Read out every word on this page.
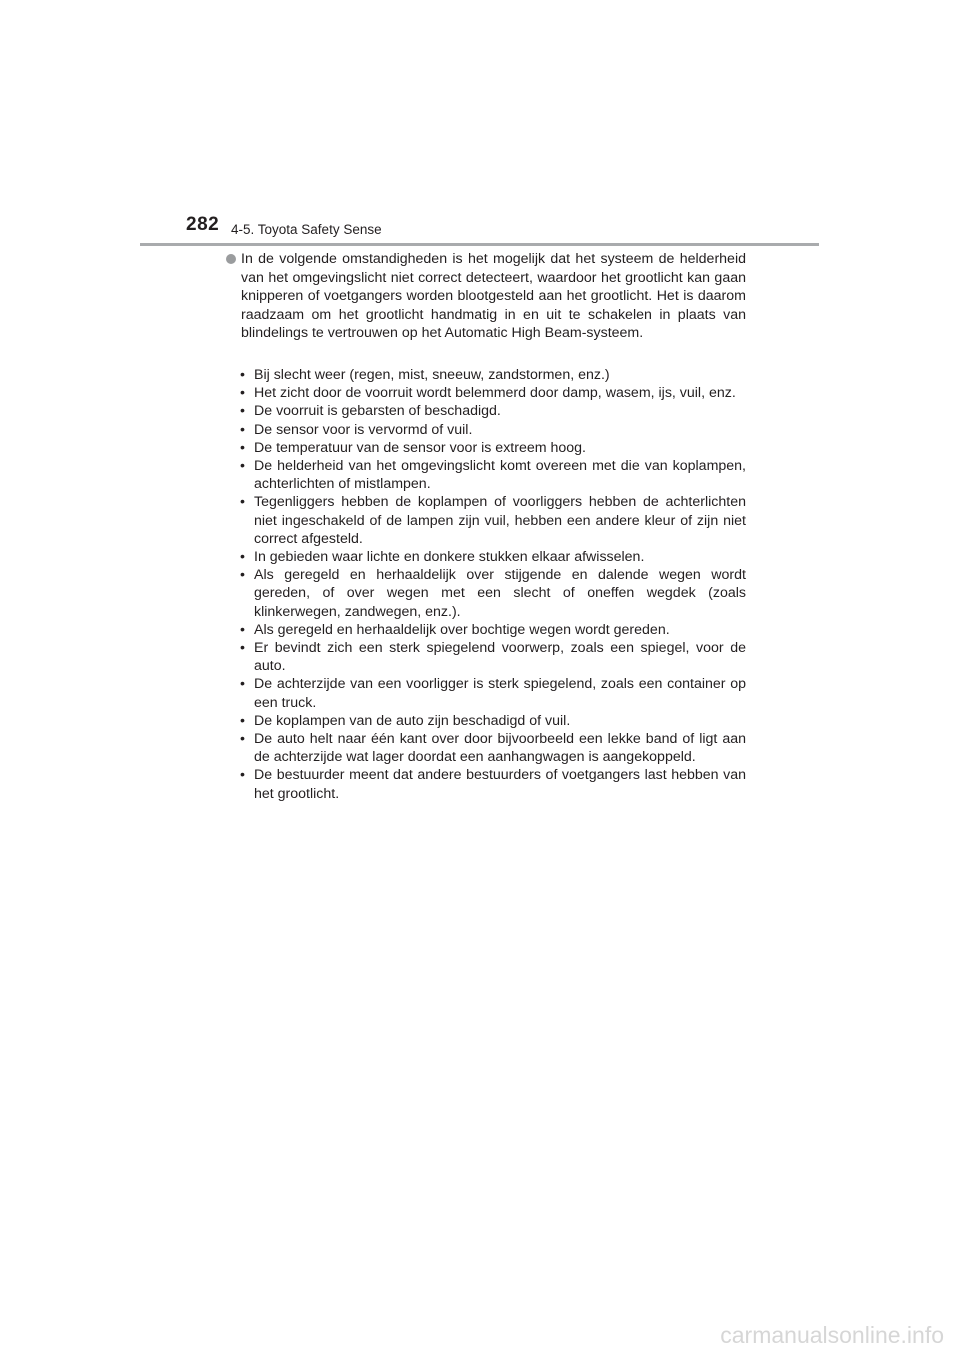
282 4-5. Toyota Safety Sense
In de volgende omstandigheden is het mogelijk dat het systeem de helderheid van het omgevingslicht niet correct detecteert, waardoor het grootlicht kan gaan knipperen of voetgangers worden blootgesteld aan het grootlicht. Het is daarom raadzaam om het grootlicht handmatig in en uit te schakelen in plaats van blindelings te vertrouwen op het Automatic High Beam-systeem.
• Bij slecht weer (regen, mist, sneeuw, zandstormen, enz.)
• Het zicht door de voorruit wordt belemmerd door damp, wasem, ijs, vuil, enz.
• De voorruit is gebarsten of beschadigd.
• De sensor voor is vervormd of vuil.
• De temperatuur van de sensor voor is extreem hoog.
• De helderheid van het omgevingslicht komt overeen met die van koplampen, achterlichten of mistlampen.
• Tegenliggers hebben de koplampen of voorliggers hebben de achterlichten niet ingeschakeld of de lampen zijn vuil, hebben een andere kleur of zijn niet correct afgesteld.
• In gebieden waar lichte en donkere stukken elkaar afwisselen.
• Als geregeld en herhaaldelijk over stijgende en dalende wegen wordt gereden, of over wegen met een slecht of oneffen wegdek (zoals klinkerwegen, zandwegen, enz.).
• Als geregeld en herhaaldelijk over bochtige wegen wordt gereden.
• Er bevindt zich een sterk spiegelend voorwerp, zoals een spiegel, voor de auto.
• De achterzijde van een voorligger is sterk spiegelend, zoals een container op een truck.
• De koplampen van de auto zijn beschadigd of vuil.
• De auto helt naar één kant over door bijvoorbeeld een lekke band of ligt aan de achterzijde wat lager doordat een aanhangwagen is aangekoppeld.
• De bestuurder meent dat andere bestuurders of voetgangers last hebben van het grootlicht.
carmanualsonline.info
